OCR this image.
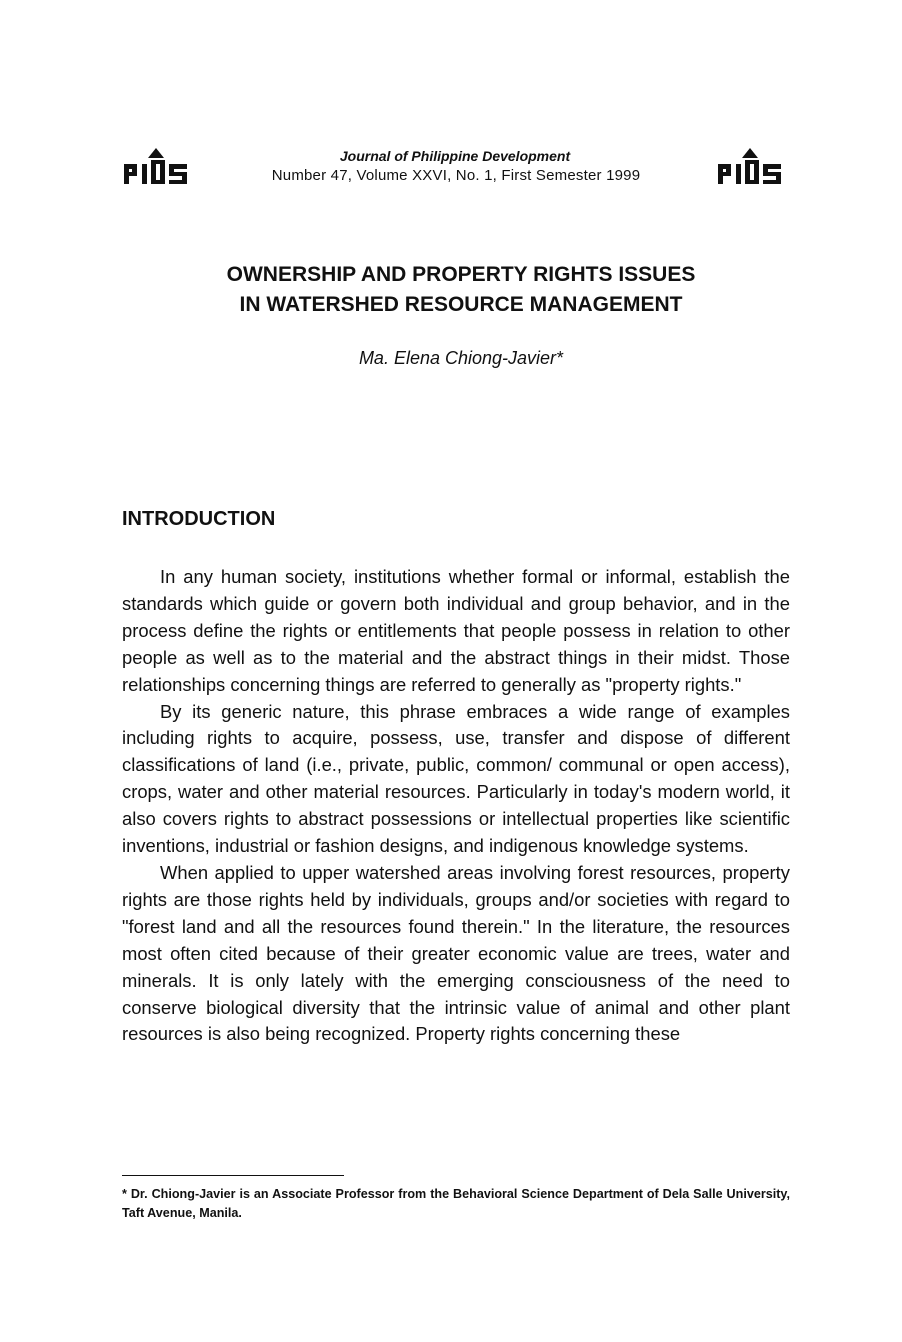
Journal of Philippine Development
Number 47, Volume XXVI, No. 1, First Semester 1999
OWNERSHIP AND PROPERTY RIGHTS ISSUES
IN WATERSHED RESOURCE MANAGEMENT
Ma. Elena Chiong-Javier*
INTRODUCTION

In any human society, institutions whether formal or informal, establish the standards which guide or govern both individual and group behavior, and in the process define the rights or entitlements that people possess in relation to other people as well as to the material and the abstract things in their midst. Those relationships concerning things are referred to generally as "property rights."

By its generic nature, this phrase embraces a wide range of examples including rights to acquire, possess, use, transfer and dispose of different classifications of land (i.e., private, public, common/ communal or open access), crops, water and other material resources. Particularly in today's modern world, it also covers rights to abstract possessions or intellectual properties like scientific inventions, industrial or fashion designs, and indigenous knowledge systems.

When applied to upper watershed areas involving forest resources, property rights are those rights held by individuals, groups and/or societies with regard to "forest land and all the resources found therein." In the literature, the resources most often cited because of their greater economic value are trees, water and minerals. It is only lately with the emerging consciousness of the need to conserve biological diversity that the intrinsic value of animal and other plant resources is also being recognized. Property rights concerning these

* Dr. Chiong-Javier is an Associate Professor from the Behavioral Science Department of Dela Salle University, Taft Avenue, Manila.
